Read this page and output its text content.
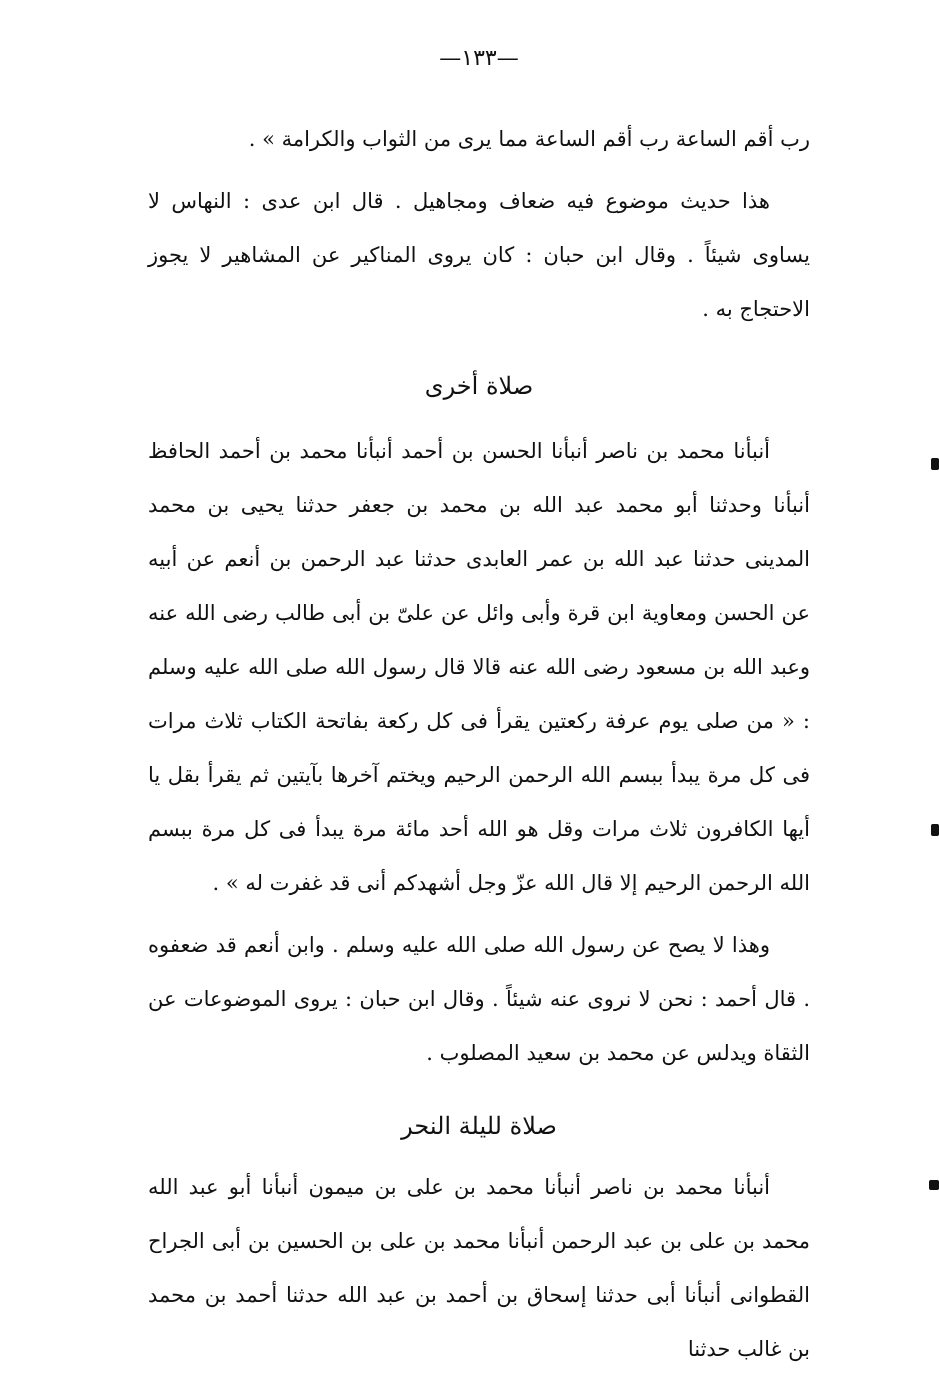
—١٣٣—

رب أقم الساعة رب أقم الساعة مما يرى من الثواب والكرامة » .

هذا حديث موضوع فيه ضعاف ومجاهيل . قال ابن عدى : النهاس لا يساوى شيئاً . وقال ابن حبان : كان يروى المناكير عن المشاهير لا يجوز الاحتجاج به .

صلاة أخرى

أنبأنا محمد بن ناصر أنبأنا الحسن بن أحمد أنبأنا محمد بن أحمد الحافظ أنبأنا وحدثنا أبو محمد عبد الله بن محمد بن جعفر حدثنا يحيى بن محمد المدينى حدثنا عبد الله بن عمر العابدى حدثنا عبد الرحمن بن أنعم عن أبيه عن الحسن ومعاوية ابن قرة وأبى وائل عن علىّ بن أبى طالب رضى الله عنه وعبد الله بن مسعود رضى الله عنه قالا قال رسول الله صلى الله عليه وسلم : « من صلى يوم عرفة ركعتين يقرأ فى كل ركعة بفاتحة الكتاب ثلاث مرات فى كل مرة يبدأ ببسم الله الرحمن الرحيم ويختم آخرها بآيتين ثم يقرأ بقل يا أيها الكافرون ثلاث مرات وقل هو الله أحد مائة مرة يبدأ فى كل مرة ببسم الله الرحمن الرحيم إلا قال الله عزّ وجل أشهدكم أنى قد غفرت له » .

وهذا لا يصح عن رسول الله صلى الله عليه وسلم . وابن أنعم قد ضعفوه . قال أحمد : نحن لا نروى عنه شيئاً . وقال ابن حبان : يروى الموضوعات عن الثقاة ويدلس عن محمد بن سعيد المصلوب .

صلاة لليلة النحر

أنبأنا محمد بن ناصر أنبأنا محمد بن على بن ميمون أنبأنا أبو عبد الله محمد بن على بن عبد الرحمن أنبأنا محمد بن على بن الحسين بن أبى الجراح القطوانى أنبأنا أبى حدثنا إسحاق بن أحمد بن عبد الله حدثنا أحمد بن محمد بن غالب حدثنا
